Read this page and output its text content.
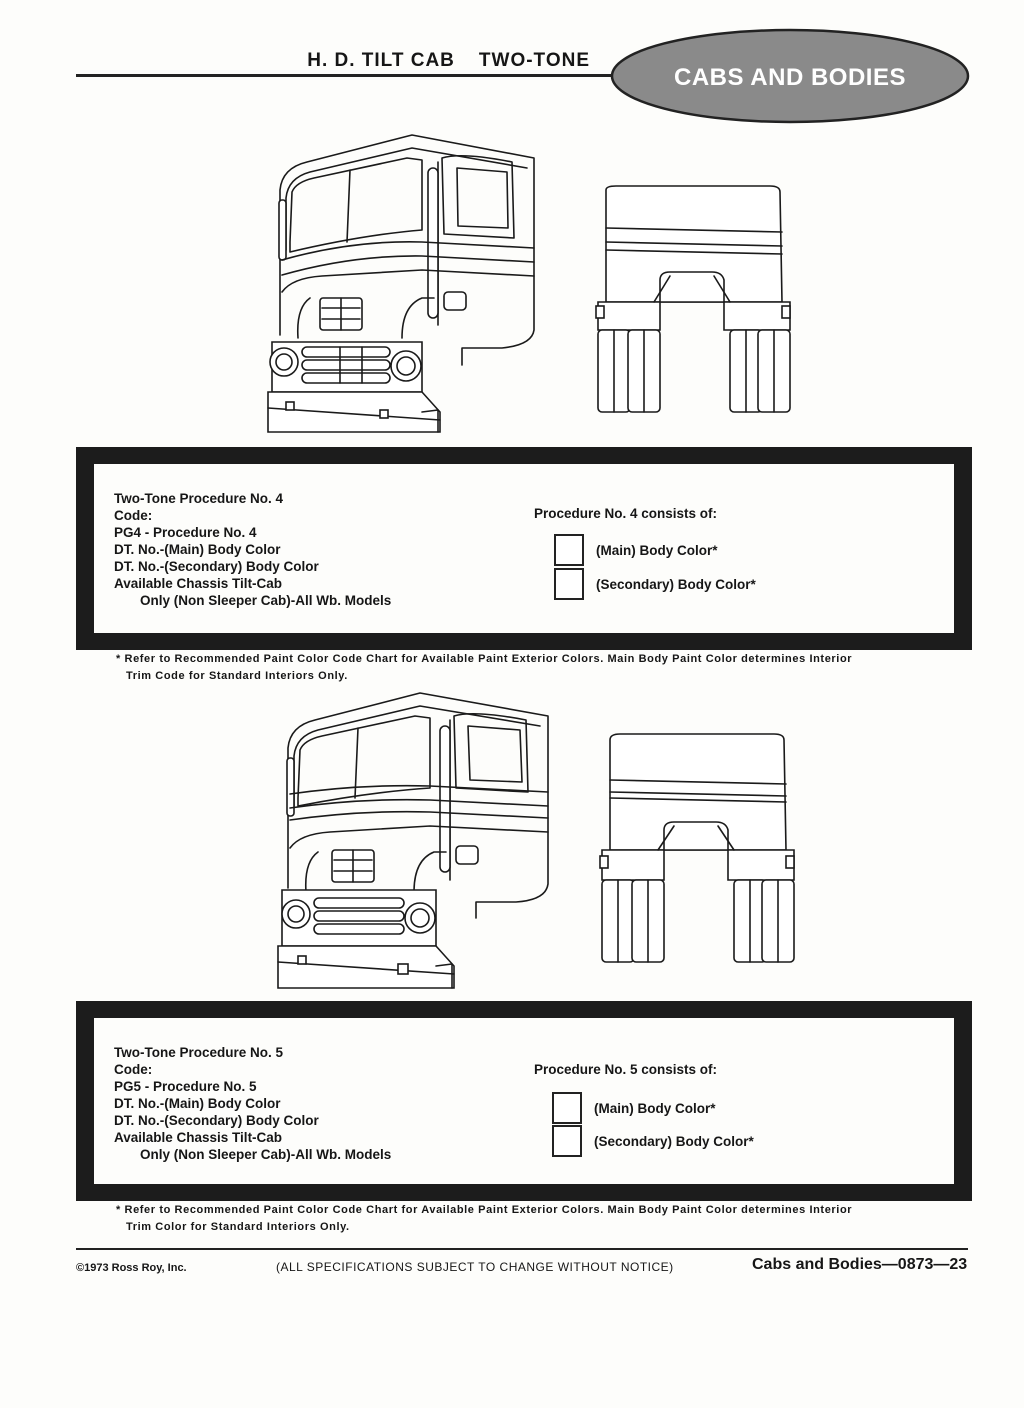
H. D. TILT CAB TWO-TONE
CABS AND BODIES
Two-Tone Procedure No. 4
Code:
PG4 - Procedure No. 4
DT. No.-(Main) Body Color
DT. No.-(Secondary) Body Color
Available Chassis Tilt-Cab
Only (Non Sleeper Cab)-All Wb. Models
Procedure No. 4 consists of:
(Main) Body Color*
(Secondary) Body Color*
* Refer to Recommended Paint Color Code Chart for Available Paint Exterior Colors. Main Body Paint Color determines Interior
Trim Code for Standard Interiors Only.
Two-Tone Procedure No. 5
Code:
PG5 - Procedure No. 5
DT. No.-(Main) Body Color
DT. No.-(Secondary) Body Color
Available Chassis Tilt-Cab
Only (Non Sleeper Cab)-All Wb. Models
Procedure No. 5 consists of:
(Main) Body Color*
(Secondary) Body Color*
* Refer to Recommended Paint Color Code Chart for Available Paint Exterior Colors. Main Body Paint Color determines Interior
Trim Color for Standard Interiors Only.
©1973 Ross Roy, Inc.	(ALL SPECIFICATIONS SUBJECT TO CHANGE WITHOUT NOTICE)	Cabs and Bodies—0873—23
